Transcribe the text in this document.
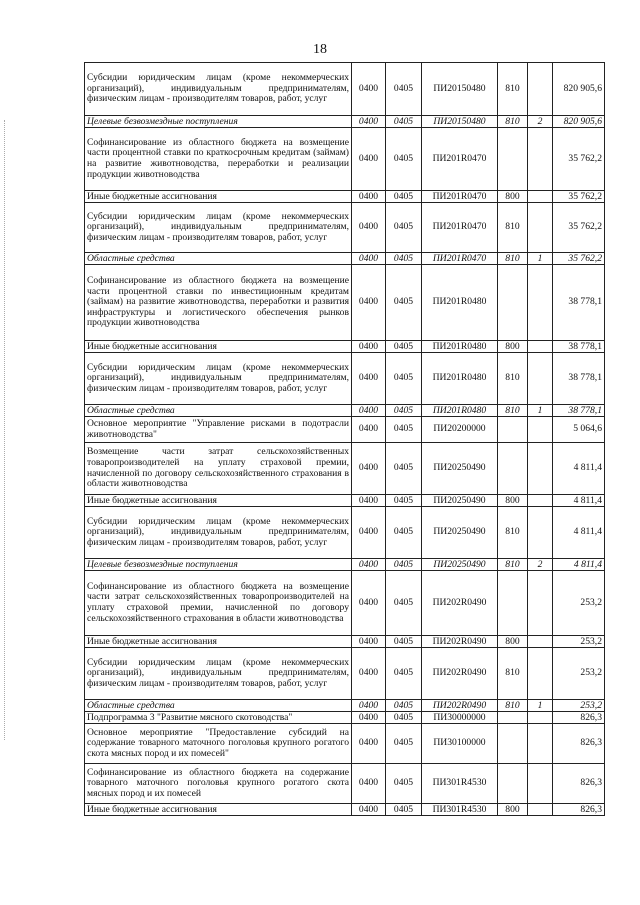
18
Субсидии юридическим лицам (кроме некоммерческих организаций), индивидуальным предпринимателям, физическим лицам - производителям товаров, работ, услуг	0400	0405	ПИ20150480	810		820 905,6
Целевые безвозмездные поступления	0400	0405	ПИ20150480	810	2	820 905,6
Софинансирование из областного бюджета на возмещение части процентной ставки по краткосрочным кредитам (займам) на развитие животноводства, переработки и реализации продукции животноводства	0400	0405	ПИ201R0470			35 762,2
Иные бюджетные ассигнования	0400	0405	ПИ201R0470	800		35 762,2
Субсидии юридическим лицам (кроме некоммерческих организаций), индивидуальным предпринимателям, физическим лицам - производителям товаров, работ, услуг	0400	0405	ПИ201R0470	810		35 762,2
Областные средства	0400	0405	ПИ201R0470	810	1	35 762,2
Софинансирование из областного бюджета на возмещение части процентной ставки по инвестиционным кредитам (займам) на развитие животноводства, переработки и развития инфраструктуры и логистического обеспечения рынков продукции животноводства	0400	0405	ПИ201R0480			38 778,1
Иные бюджетные ассигнования	0400	0405	ПИ201R0480	800		38 778,1
Субсидии юридическим лицам (кроме некоммерческих организаций), индивидуальным предпринимателям, физическим лицам - производителям товаров, работ, услуг	0400	0405	ПИ201R0480	810		38 778,1
Областные средства	0400	0405	ПИ201R0480	810	1	38 778,1
Основное мероприятие "Управление рисками в подотрасли животноводства"	0400	0405	ПИ20200000			5 064,6
Возмещение части затрат сельскохозяйственных товаропроизводителей на уплату страховой премии, начисленной по договору сельскохозяйственного страхования в области животноводства	0400	0405	ПИ20250490			4 811,4
Иные бюджетные ассигнования	0400	0405	ПИ20250490	800		4 811,4
Субсидии юридическим лицам (кроме некоммерческих организаций), индивидуальным предпринимателям, физическим лицам - производителям товаров, работ, услуг	0400	0405	ПИ20250490	810		4 811,4
Целевые безвозмездные поступления	0400	0405	ПИ20250490	810	2	4 811,4
Софинансирование из областного бюджета на возмещение части затрат сельскохозяйственных товаропроизводителей на уплату страховой премии, начисленной по договору сельскохозяйственного страхования в области животноводства	0400	0405	ПИ202R0490			253,2
Иные бюджетные ассигнования	0400	0405	ПИ202R0490	800		253,2
Субсидии юридическим лицам (кроме некоммерческих организаций), индивидуальным предпринимателям, физическим лицам - производителям товаров, работ, услуг	0400	0405	ПИ202R0490	810		253,2
Областные средства	0400	0405	ПИ202R0490	810	1	253,2
Подпрограмма 3 "Развитие мясного скотоводства"	0400	0405	ПИ30000000			826,3
Основное мероприятие "Предоставление субсидий на содержание товарного маточного поголовья крупного рогатого скота мясных пород и их помесей"	0400	0405	ПИ30100000			826,3
Софинансирование из областного бюджета на содержание товарного маточного поголовья крупного рогатого скота мясных пород и их помесей	0400	0405	ПИ301R4530			826,3
Иные бюджетные ассигнования	0400	0405	ПИ301R4530	800		826,3
